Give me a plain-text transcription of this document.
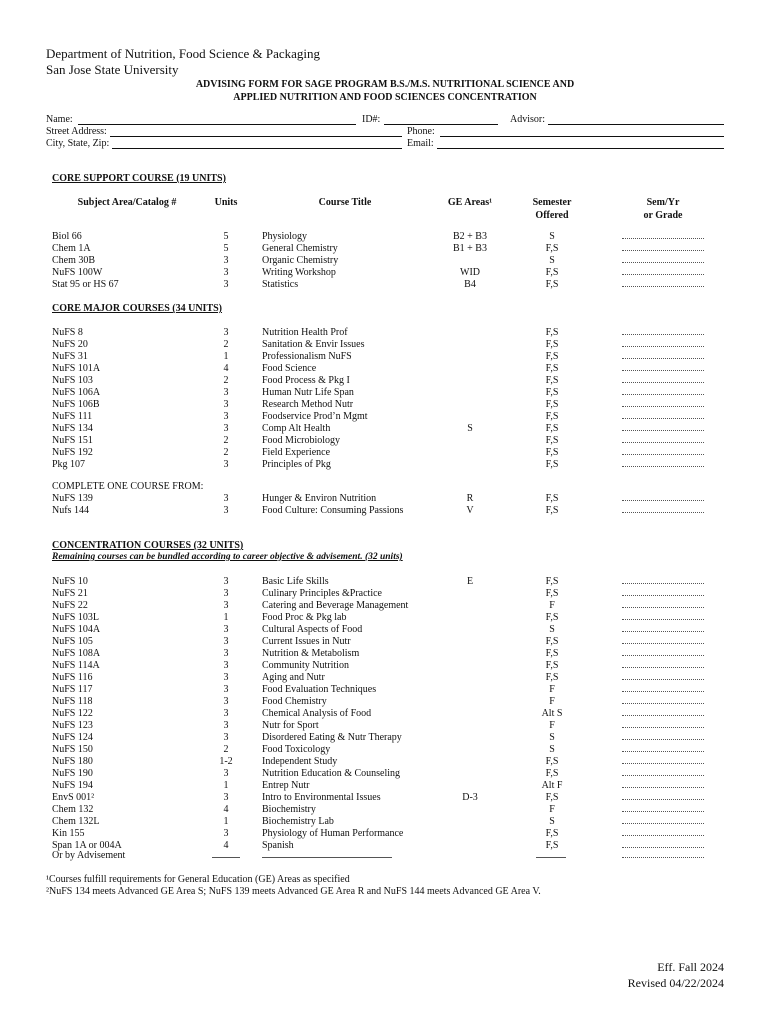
Department of Nutrition, Food Science & Packaging
San Jose State University
ADVISING FORM FOR SAGE PROGRAM B.S./M.S. NUTRITIONAL SCIENCE AND
APPLIED NUTRITION AND FOOD SCIENCES CONCENTRATION
Name:	ID#:	Advisor:
Street Address:	Phone:
City, State, Zip:	Email:
CORE SUPPORT COURSE (19 UNITS)
Subject Area/Catalog #	Units	Course Title	GE Areas¹	Semester
Offered
Sem/Yr
or Grade
Biol 66	5	Physiology	B2 + B3	S
Chem 1A	5	General Chemistry	B1 + B3	F,S
Chem 30B	3	Organic Chemistry	S
NuFS 100W	3	Writing Workshop	WID	F,S
Stat 95 or HS 67	3	Statistics	B4	F,S
CORE MAJOR COURSES (34 UNITS)
NuFS 8	3	Nutrition Health Prof	F,S
NuFS 20	2	Sanitation & Envir Issues	F,S
NuFS 31	1	Professionalism NuFS	F,S
NuFS 101A	4	Food Science	F,S
NuFS 103	2	Food Process & Pkg I	F,S
NuFS 106A	3	Human Nutr Life Span	F,S
NuFS 106B	3	Research Method Nutr	F,S
NuFS 111	3	Foodservice Prod’n Mgmt	F,S
NuFS 134	3	Comp Alt Health	S	F,S
NuFS 151	2	Food Microbiology	F,S
NuFS 192	2	Field Experience	F,S
Pkg 107	3	Principles of Pkg	F,S
COMPLETE ONE COURSE FROM:
NuFS 139	3	Hunger & Environ Nutrition	R	F,S
Nufs 144	3	Food Culture: Consuming Passions	V	F,S
CONCENTRATION COURSES (32 UNITS)
Remaining courses can be bundled according to career objective & advisement. (32 units)
NuFS 10	3	Basic Life Skills	E	F,S
NuFS 21	3	Culinary Principles &Practice	F,S
NuFS 22	3	Catering and Beverage Management	F
NuFS 103L	1	Food Proc & Pkg lab	F,S
NuFS 104A	3	Cultural Aspects of Food	S
NuFS 105	3	Current Issues in Nutr	F,S
NuFS 108A	3	Nutrition & Metabolism	F,S
NuFS 114A	3	Community Nutrition	F,S
NuFS 116	3	Aging and Nutr	F,S
NuFS 117	3	Food Evaluation Techniques	F
NuFS 118	3	Food Chemistry	F
NuFS 122	3	Chemical Analysis of Food	Alt S
NuFS 123	3	Nutr for Sport	F
NuFS 124	3	Disordered Eating & Nutr Therapy	S
NuFS 150	2	Food Toxicology	S
NuFS 180	1-2	Independent Study	F,S
NuFS 190	3	Nutrition Education & Counseling	F,S
NuFS 194	1	Entrep Nutr	Alt F
EnvS 001²	3	Intro to Environmental Issues	D-3	F,S
Chem 132	4	Biochemistry	F
Chem 132L	1	Biochemistry Lab	S
Kin 155	3	Physiology of Human Performance	F,S
Span 1A or 004A	4	Spanish	F,S
Or by Advisement
¹Courses fulfill requirements for General Education (GE) Areas as specified
²NuFS 134 meets Advanced GE Area S; NuFS 139 meets Advanced GE Area R and NuFS 144 meets Advanced GE Area V.
Eff. Fall 2024
Revised 04/22/2024
